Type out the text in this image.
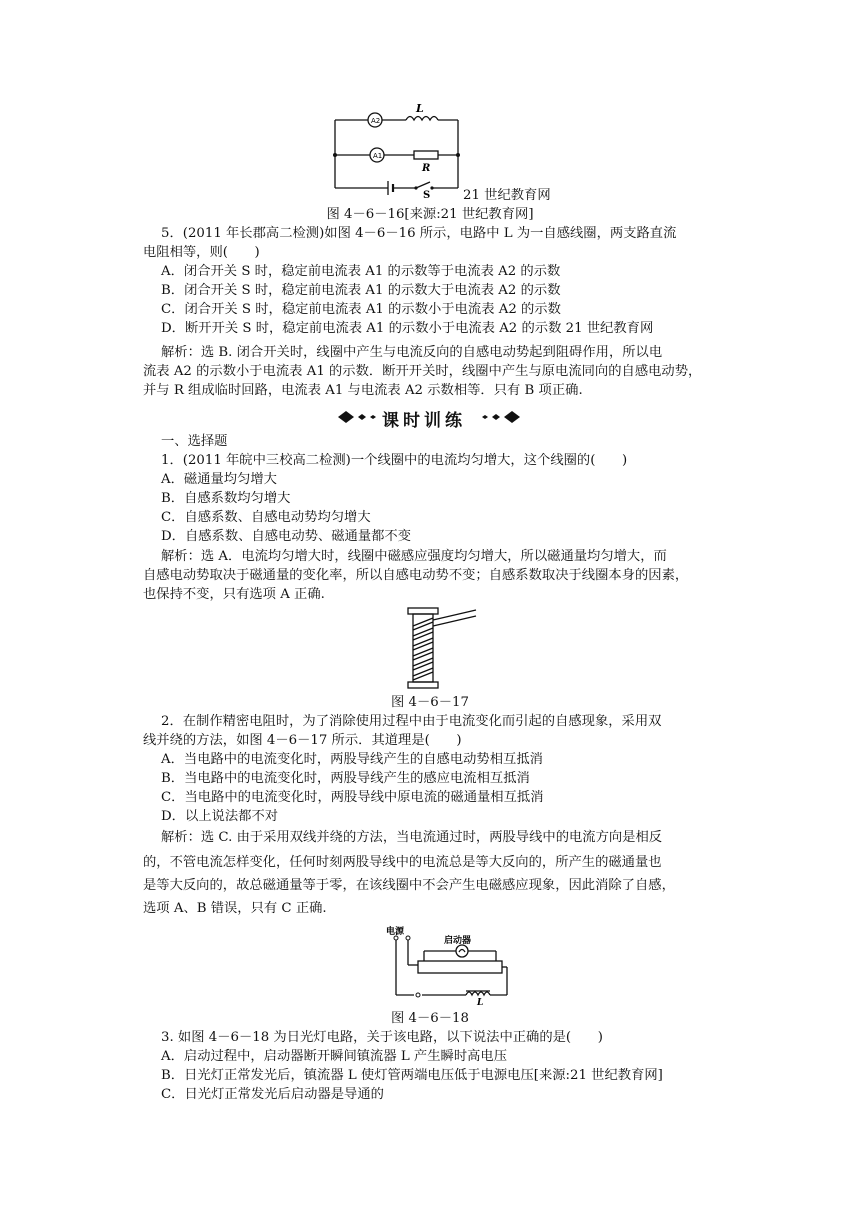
A2
A1
L
R
S 21 世纪教育网
图 4－6－16[来源:21 世纪教育网]
5．(2011 年长郡高二检测)如图 4－6－16 所示，电路中 L 为一自感线圈，两支路直流
电阻相等，则(　　)
A．闭合开关 S 时，稳定前电流表 A1 的示数等于电流表 A2 的示数
B．闭合开关 S 时，稳定前电流表 A1 的示数大于电流表 A2 的示数
C．闭合开关 S 时，稳定前电流表 A1 的示数小于电流表 A2 的示数
D．断开开关 S 时，稳定前电流表 A1 的示数小于电流表 A2 的示数 21 世纪教育网
解析：选 B. 闭合开关时，线圈中产生与电流反向的自感电动势起到阻碍作用，所以电
流表 A2 的示数小于电流表 A1 的示数．断开开关时，线圈中产生与原电流同向的自感电动势，
并与 R 组成临时回路，电流表 A1 与电流表 A2 示数相等．只有 B 项正确.
课时训练
一、选择题
1．(2011 年皖中三校高二检测)一个线圈中的电流均匀增大，这个线圈的(　　)
A．磁通量均匀增大
B．自感系数均匀增大
C．自感系数、自感电动势均匀增大
D．自感系数、自感电动势、磁通量都不变
解析：选 A．电流均匀增大时，线圈中磁感应强度均匀增大，所以磁通量均匀增大，而
自感电动势取决于磁通量的变化率，所以自感电动势不变；自感系数取决于线圈本身的因素，
也保持不变，只有选项 A 正确.
图 4－6－17
2．在制作精密电阻时，为了消除使用过程中由于电流变化而引起的自感现象，采用双
线并绕的方法，如图 4－6－17 所示．其道理是(　　)
A．当电路中的电流变化时，两股导线产生的自感电动势相互抵消
B．当电路中的电流变化时，两股导线产生的感应电流相互抵消
C．当电路中的电流变化时，两股导线中原电流的磁通量相互抵消
D．以上说法都不对
解析：选 C. 由于采用双线并绕的方法，当电流通过时，两股导线中的电流方向是相反
的，不管电流怎样变化，任何时刻两股导线中的电流总是等大反向的，所产生的磁通量也
是等大反向的，故总磁通量等于零，在该线圈中不会产生电磁感应现象，因此消除了自感，
选项 A、B 错误，只有 C 正确.
电源
启动器
L
图 4－6－18
3. 如图 4－6－18 为日光灯电路，关于该电路，以下说法中正确的是(　　)
A．启动过程中，启动器断开瞬间镇流器 L 产生瞬时高电压
B．日光灯正常发光后，镇流器 L 使灯管两端电压低于电源电压[来源:21 世纪教育网]
C．日光灯正常发光后启动器是导通的
